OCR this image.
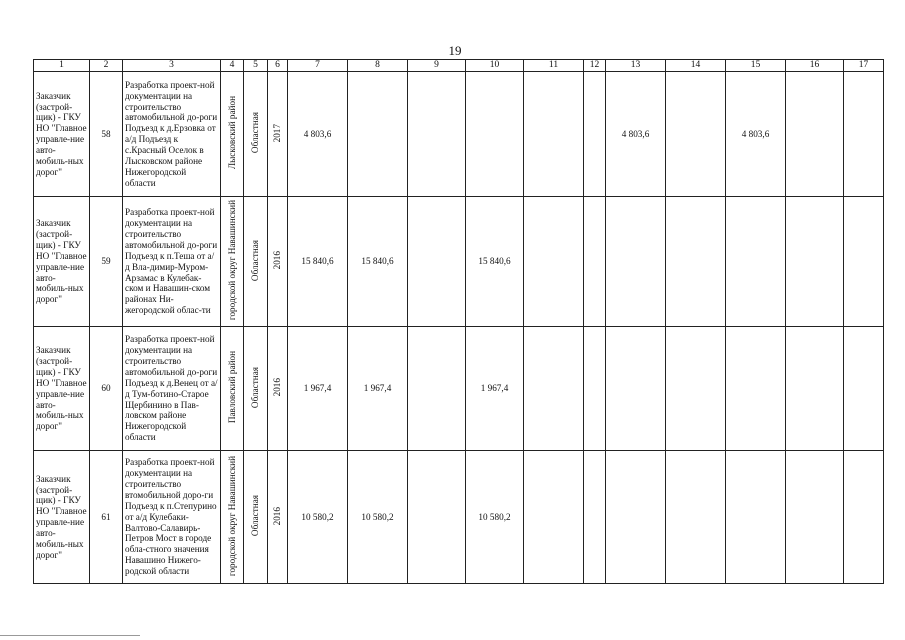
19
1	2	3	4	5	6	7	8	9	10	11	12	13	14	15	16	17
Заказчик (застрой-щик) - ГКУ НО "Главное управле-ние авто-мобиль-ных дорог"	58	Разработка проект-ной документации на строительство автомобильной до-роги Подъезд к д.Ерзовка от а/д Подъезд к с.Красный Оселок в Лысковском районе Нижегородской области	Лысковский район	Областная	2017	4 803,6						4 803,6		4 803,6		
Заказчик (застрой-щик) - ГКУ НО "Главное управле-ние авто-мобиль-ных дорог"	59	Разработка проект-ной документации на строительство автомобильной до-роги Подъезд к п.Теша от а/д Вла-димир-Муром-Арзамас в Кулебак-ском и Навашин-ском районах Ни-жегородской облас-ти	городской округ Навашинский	Областная	2016	15 840,6	15 840,6		15 840,6							
Заказчик (застрой-щик) - ГКУ НО "Главное управле-ние авто-мобиль-ных дорог"	60	Разработка проект-ной документации на строительство автомобильной до-роги Подъезд к д.Венец от а/д Тум-ботино-Старое Щербинино в Пав-ловском районе Нижегородской области	Павловский район	Областная	2016	1 967,4	1 967,4		1 967,4							
Заказчик (застрой-щик) - ГКУ НО "Главное управле-ние авто-мобиль-ных дорог"	61	Разработка проект-ной документации на строительство втомобильной доро-ги Подъезд к п.Степурино от а/д Кулебаки-Валтово-Салавирь-Петров Мост в городе обла-стного значения Навашино Нижего-родской области	городской округ Навашинский	Областная	2016	10 580,2	10 580,2		10 580,2							
